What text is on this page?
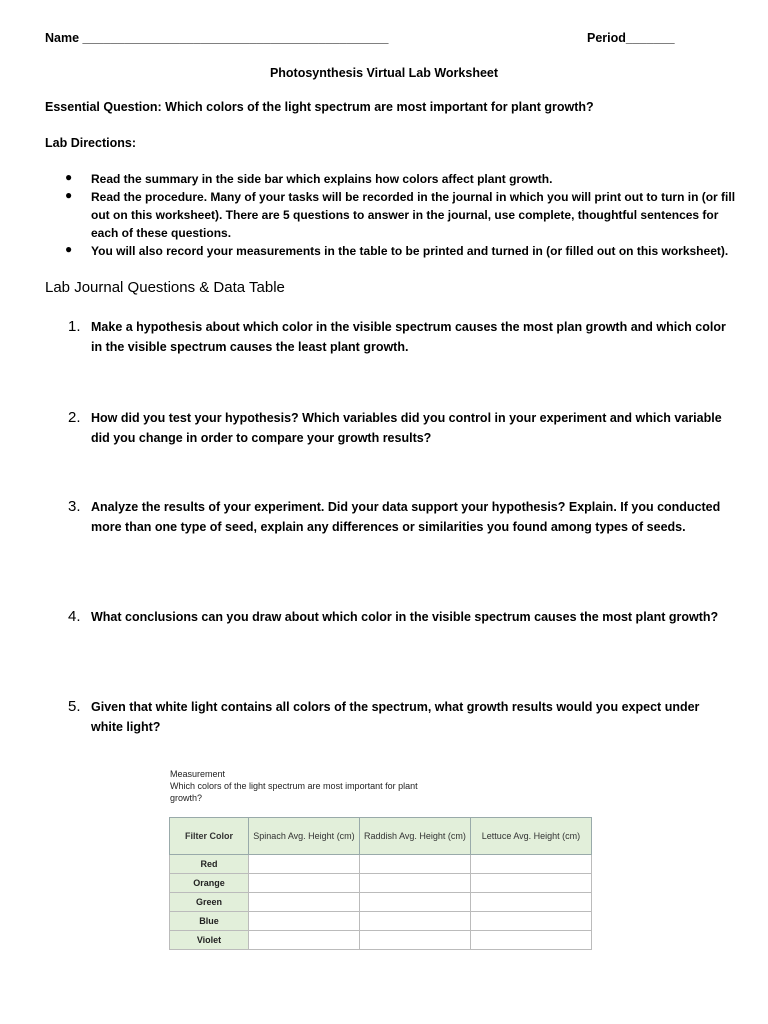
Name ____________________________________________	Period_______
Photosynthesis Virtual Lab Worksheet
Essential Question: Which colors of the light spectrum are most important for plant growth?
Lab Directions:
● Read the summary in the side bar which explains how colors affect plant growth.
● Read the procedure. Many of your tasks will be recorded in the journal in which you will print out to turn in (or fill out on this worksheet). There are 5 questions to answer in the journal, use complete, thoughtful sentences for each of these questions.
● You will also record your measurements in the table to be printed and turned in (or filled out on this worksheet).
Lab Journal Questions & Data Table
1. Make a hypothesis about which color in the visible spectrum causes the most plan growth and which color in the visible spectrum causes the least plant growth.
2. How did you test your hypothesis? Which variables did you control in your experiment and which variable did you change in order to compare your growth results?
3. Analyze the results of your experiment. Did your data support your hypothesis? Explain. If you conducted more than one type of seed, explain any differences or similarities you found among types of seeds.
4. What conclusions can you draw about which color in the visible spectrum causes the most plant growth?
5. Given that white light contains all colors of the spectrum, what growth results would you expect under white light?
Measurement
Which colors of the light spectrum are most important for plant growth?
Filter Color	Spinach Avg. Height (cm)	Raddish Avg. Height (cm)	Lettuce Avg. Height (cm)
Red			
Orange			
Green			
Blue			
Violet			
